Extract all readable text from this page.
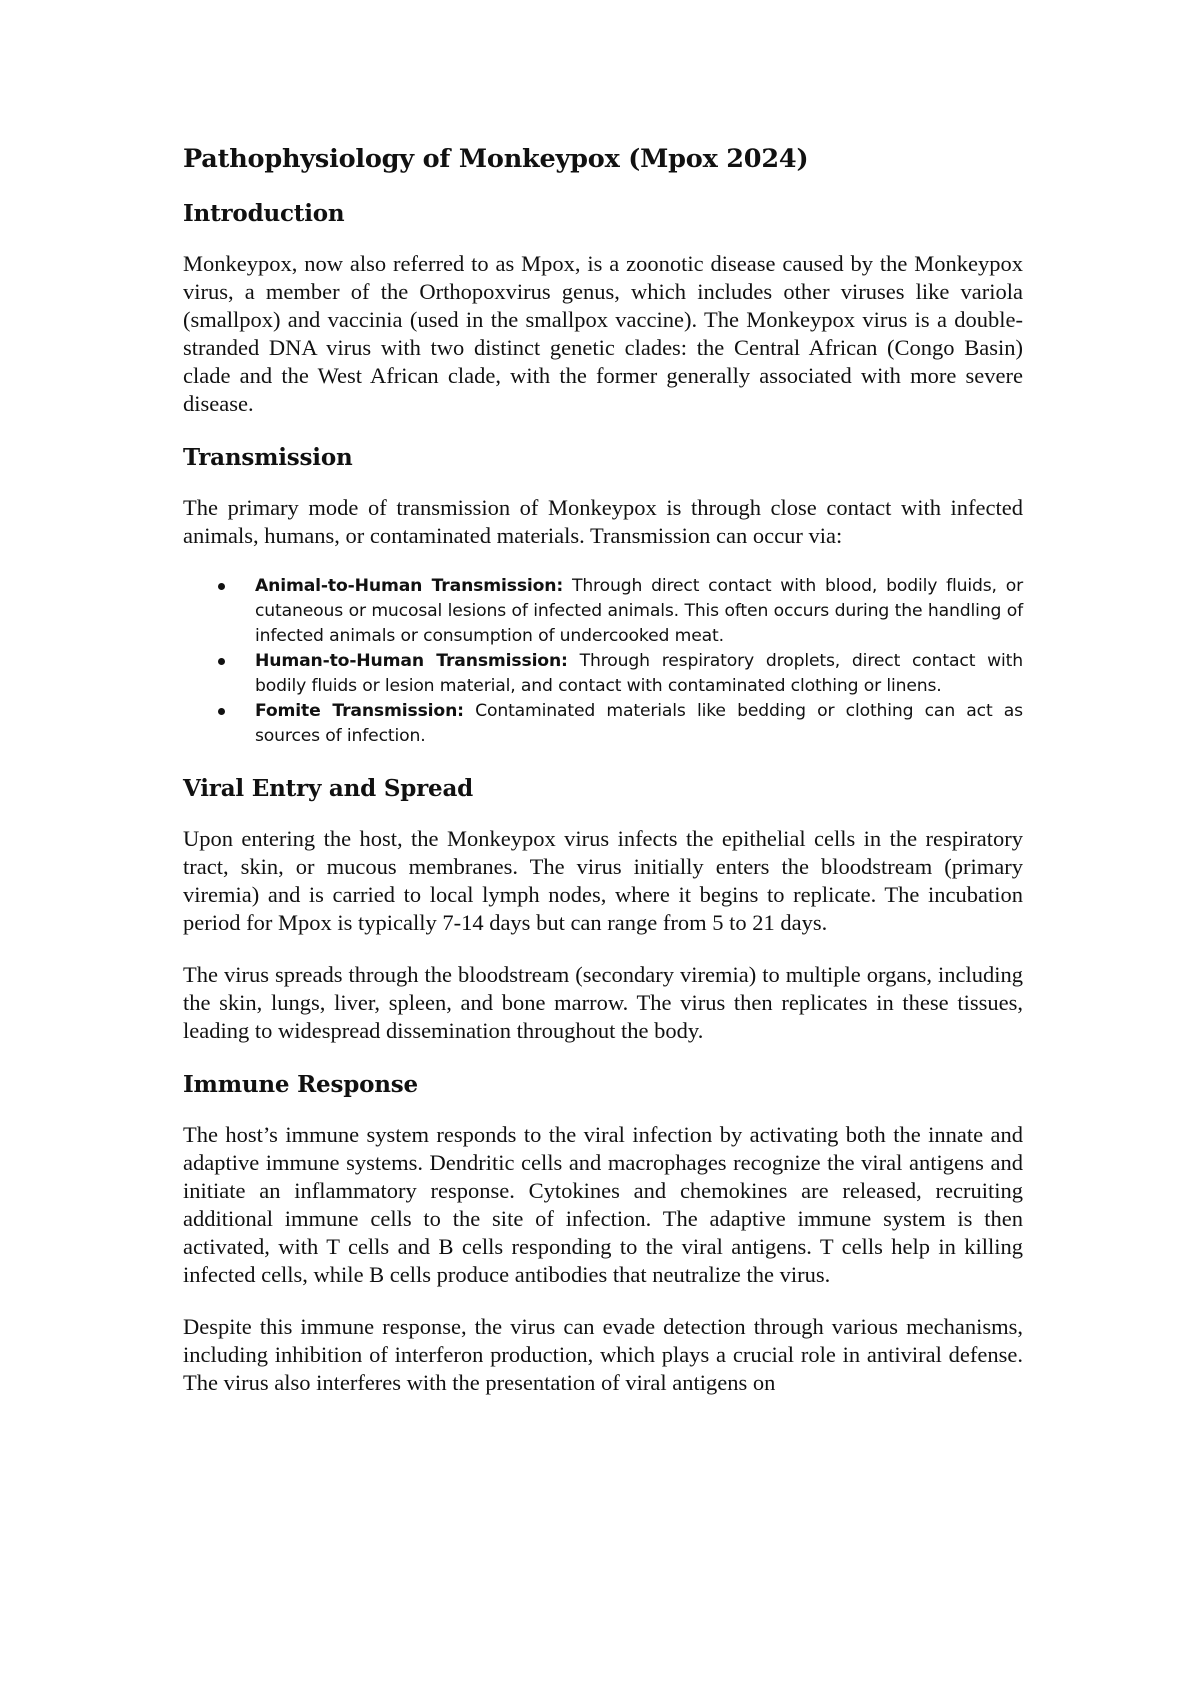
Pathophysiology of Monkeypox (Mpox 2024)
Introduction

Monkeypox, now also referred to as Mpox, is a zoonotic disease caused by the Monkeypox virus, a member of the Orthopoxvirus genus, which includes other viruses like variola (smallpox) and vaccinia (used in the smallpox vaccine). The Monkeypox virus is a double-stranded DNA virus with two distinct genetic clades: the Central African (Congo Basin) clade and the West African clade, with the former generally associated with more severe disease.

Transmission

The primary mode of transmission of Monkeypox is through close contact with infected animals, humans, or contaminated materials. Transmission can occur via:

Animal-to-Human Transmission: Through direct contact with blood, bodily fluids, or cutaneous or mucosal lesions of infected animals. This often occurs during the handling of infected animals or consumption of undercooked meat.
Human-to-Human Transmission: Through respiratory droplets, direct contact with bodily fluids or lesion material, and contact with contaminated clothing or linens.
Fomite Transmission: Contaminated materials like bedding or clothing can act as sources of infection.
Viral Entry and Spread

Upon entering the host, the Monkeypox virus infects the epithelial cells in the respiratory tract, skin, or mucous membranes. The virus initially enters the bloodstream (primary viremia) and is carried to local lymph nodes, where it begins to replicate. The incubation period for Mpox is typically 7-14 days but can range from 5 to 21 days.

The virus spreads through the bloodstream (secondary viremia) to multiple organs, including the skin, lungs, liver, spleen, and bone marrow. The virus then replicates in these tissues, leading to widespread dissemination throughout the body.

Immune Response

The host’s immune system responds to the viral infection by activating both the innate and adaptive immune systems. Dendritic cells and macrophages recognize the viral antigens and initiate an inflammatory response. Cytokines and chemokines are released, recruiting additional immune cells to the site of infection. The adaptive immune system is then activated, with T cells and B cells responding to the viral antigens. T cells help in killing infected cells, while B cells produce antibodies that neutralize the virus.

Despite this immune response, the virus can evade detection through various mechanisms, including inhibition of interferon production, which plays a crucial role in antiviral defense. The virus also interferes with the presentation of viral antigens on
